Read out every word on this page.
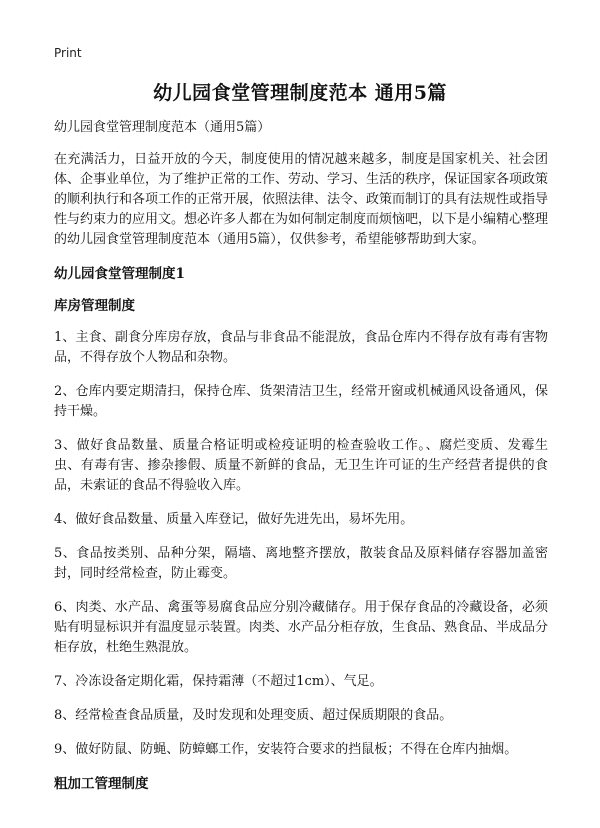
Print
幼儿园食堂管理制度范本 通用5篇

幼儿园食堂管理制度范本（通用5篇）

在充满活力，日益开放的今天，制度使用的情况越来越多，制度是国家机关、社会团体、企事业单位，为了维护正常的工作、劳动、学习、生活的秩序，保证国家各项政策的顺利执行和各项工作的正常开展，依照法律、法令、政策而制订的具有法规性或指导性与约束力的应用文。想必许多人都在为如何制定制度而烦恼吧，以下是小编精心整理的幼儿园食堂管理制度范本（通用5篇），仅供参考，希望能够帮助到大家。

幼儿园食堂管理制度1

库房管理制度

1、主食、副食分库房存放，食品与非食品不能混放，食品仓库内不得存放有毒有害物品，不得存放个人物品和杂物。

2、仓库内要定期清扫，保持仓库、货架清洁卫生，经常开窗或机械通风设备通风，保持干燥。

3、做好食品数量、质量合格证明或检疫证明的检查验收工作。、腐烂变质、发霉生虫、有毒有害、掺杂掺假、质量不新鲜的食品，无卫生许可证的生产经营者提供的食品，未索证的食品不得验收入库。

4、做好食品数量、质量入库登记，做好先进先出，易坏先用。

5、食品按类别、品种分架，隔墙、离地整齐摆放，散装食品及原料储存容器加盖密封，同时经常检查，防止霉变。

6、肉类、水产品、禽蛋等易腐食品应分别冷藏储存。用于保存食品的冷藏设备，必须贴有明显标识并有温度显示装置。肉类、水产品分柜存放，生食品、熟食品、半成品分柜存放，杜绝生熟混放。

7、冷冻设备定期化霜，保持霜薄（不超过1cm）、气足。

8、经常检查食品质量，及时发现和处理变质、超过保质期限的食品。

9、做好防鼠、防蝇、防蟑螂工作，安装符合要求的挡鼠板；不得在仓库内抽烟。

粗加工管理制度
